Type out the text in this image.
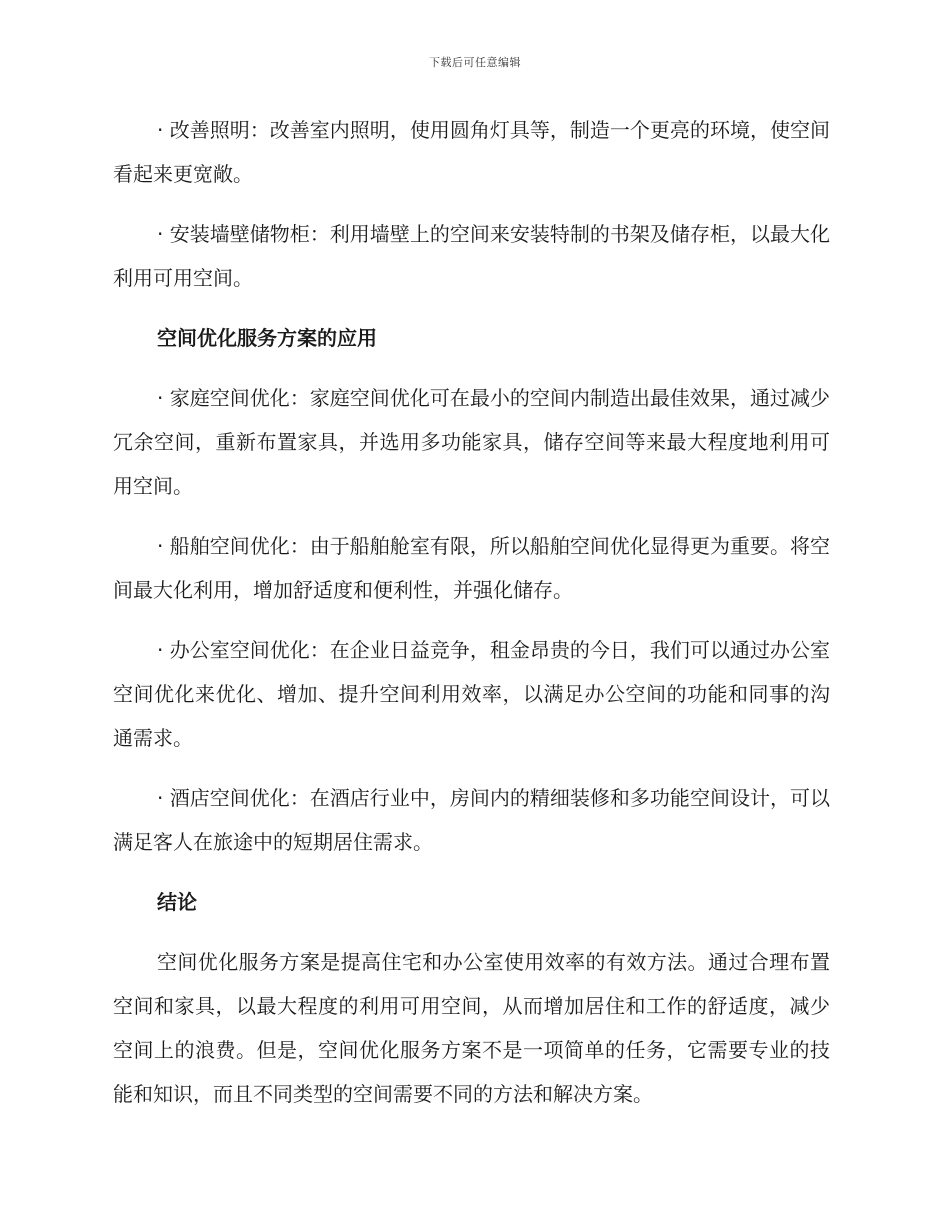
下载后可任意编辑

· 改善照明：改善室内照明，使用圆角灯具等，制造一个更亮的环境，使空间看起来更宽敞。

· 安装墙壁储物柜：利用墙壁上的空间来安装特制的书架及储存柜，以最大化利用可用空间。

空间优化服务方案的应用

· 家庭空间优化：家庭空间优化可在最小的空间内制造出最佳效果，通过减少冗余空间，重新布置家具，并选用多功能家具，储存空间等来最大程度地利用可用空间。

· 船舶空间优化：由于船舶舱室有限，所以船舶空间优化显得更为重要。将空间最大化利用，增加舒适度和便利性，并强化储存。

· 办公室空间优化：在企业日益竞争，租金昂贵的今日，我们可以通过办公室空间优化来优化、增加、提升空间利用效率，以满足办公空间的功能和同事的沟通需求。

· 酒店空间优化：在酒店行业中，房间内的精细装修和多功能空间设计，可以满足客人在旅途中的短期居住需求。

结论

空间优化服务方案是提高住宅和办公室使用效率的有效方法。通过合理布置空间和家具，以最大程度的利用可用空间，从而增加居住和工作的舒适度，减少空间上的浪费。但是，空间优化服务方案不是一项简单的任务，它需要专业的技能和知识，而且不同类型的空间需要不同的方法和解决方案。
